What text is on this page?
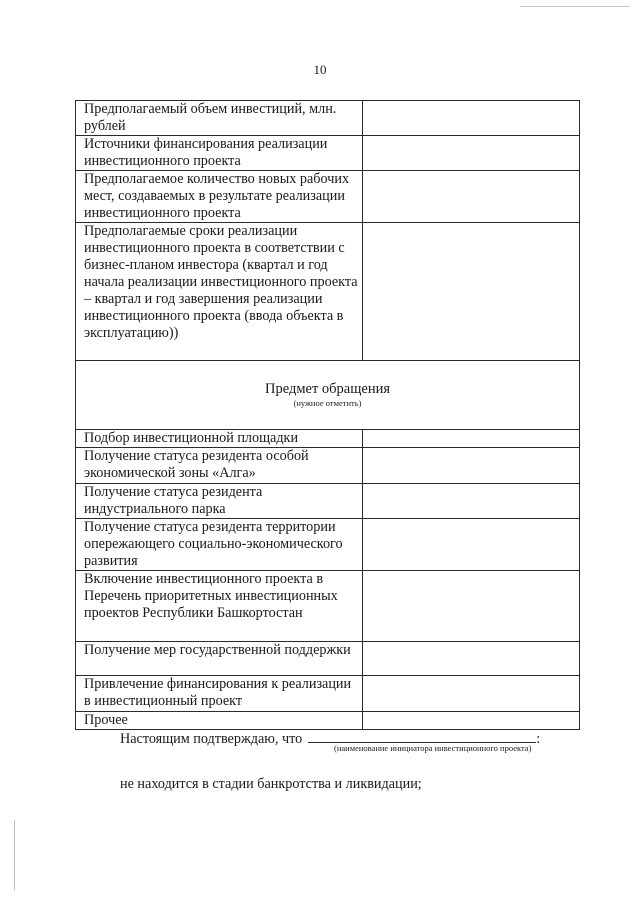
10
Предполагаемый объем инвестиций, млн. рублей	
Источники финансирования реализации инвестиционного проекта	
Предполагаемое количество новых рабочих мест, создаваемых в результате реализации инвестиционного проекта	
Предполагаемые сроки реализации инвестиционного проекта в соответствии с бизнес-планом инвестора (квартал и год начала реализации инвестиционного проекта – квартал и год завершения реализации инвестиционного проекта (ввода объекта в эксплуатацию))	

Предмет обращения
(нужное отметить)	

Подбор инвестиционной площадки	
Получение статуса резидента особой экономической зоны «Алга»	
Получение статуса резидента индустриального парка	
Получение статуса резидента территории опережающего социально-экономического развития	
Включение инвестиционного проекта в Перечень приоритетных инвестиционных проектов Республики Башкортостан	
Получение мер государственной поддержки	
Привлечение финансирования к реализации в инвестиционный проект	
Прочее	
Настоящим подтверждаю, что	:
(наименование инициатора инвестиционного проекта)
не находится в стадии банкротства и ликвидации;
